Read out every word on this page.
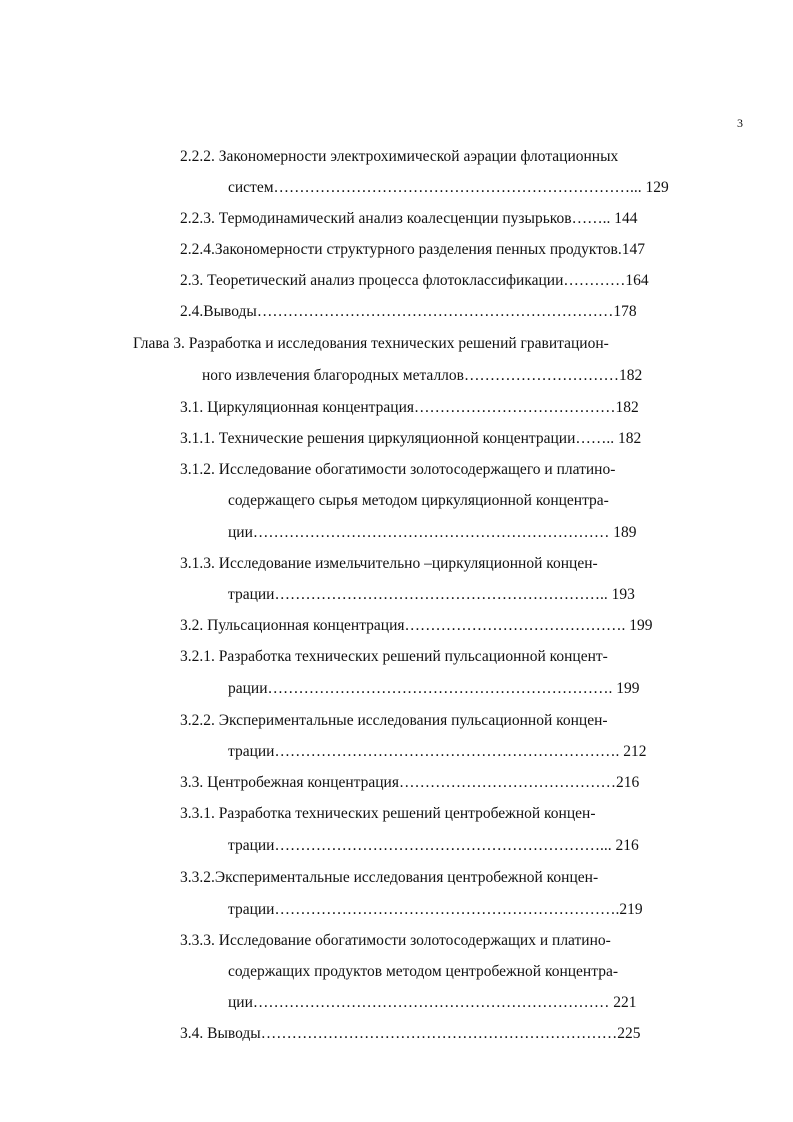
3
2.2.2. Закономерности электрохимической аэрации флотационных
систем……………………………………………………………... 129
2.2.3. Термодинамический анализ коалесценции пузырьков…….. 144
2.2.4.Закономерности структурного разделения пенных продуктов.147
2.3. Теоретический анализ процесса флотоклассификации…………164
2.4.Выводы……………………………………………………………178
Глава 3. Разработка и исследования технических решений гравитацион-
ного извлечения благородных металлов…………………………182
3.1. Циркуляционная концентрация…………………………………182
3.1.1. Технические решения циркуляционной концентрации…….. 182
3.1.2. Исследование обогатимости золотосодержащего и платино-
содержащего сырья методом циркуляционной концентра-
ции…………………………………………………………… 189
3.1.3. Исследование измельчительно –циркуляционной концен-
трации……………………………………………………….. 193
3.2. Пульсационная концентрация……………………………………. 199
3.2.1. Разработка технических решений пульсационной концент-
рации…………………………………………………………. 199
3.2.2. Экспериментальные исследования пульсационной концен-
трации…………………………………………………………. 212
3.3. Центробежная концентрация……………………………………216
3.3.1. Разработка технических решений центробежной концен-
трации………………………………………………………... 216
3.3.2.Экспериментальные исследования центробежной концен-
трации………………………………………………………….219
3.3.3. Исследование обогатимости золотосодержащих и платино-
содержащих продуктов методом центробежной концентра-
ции…………………………………………………………… 221
3.4. Выводы……………………………………………………………225
